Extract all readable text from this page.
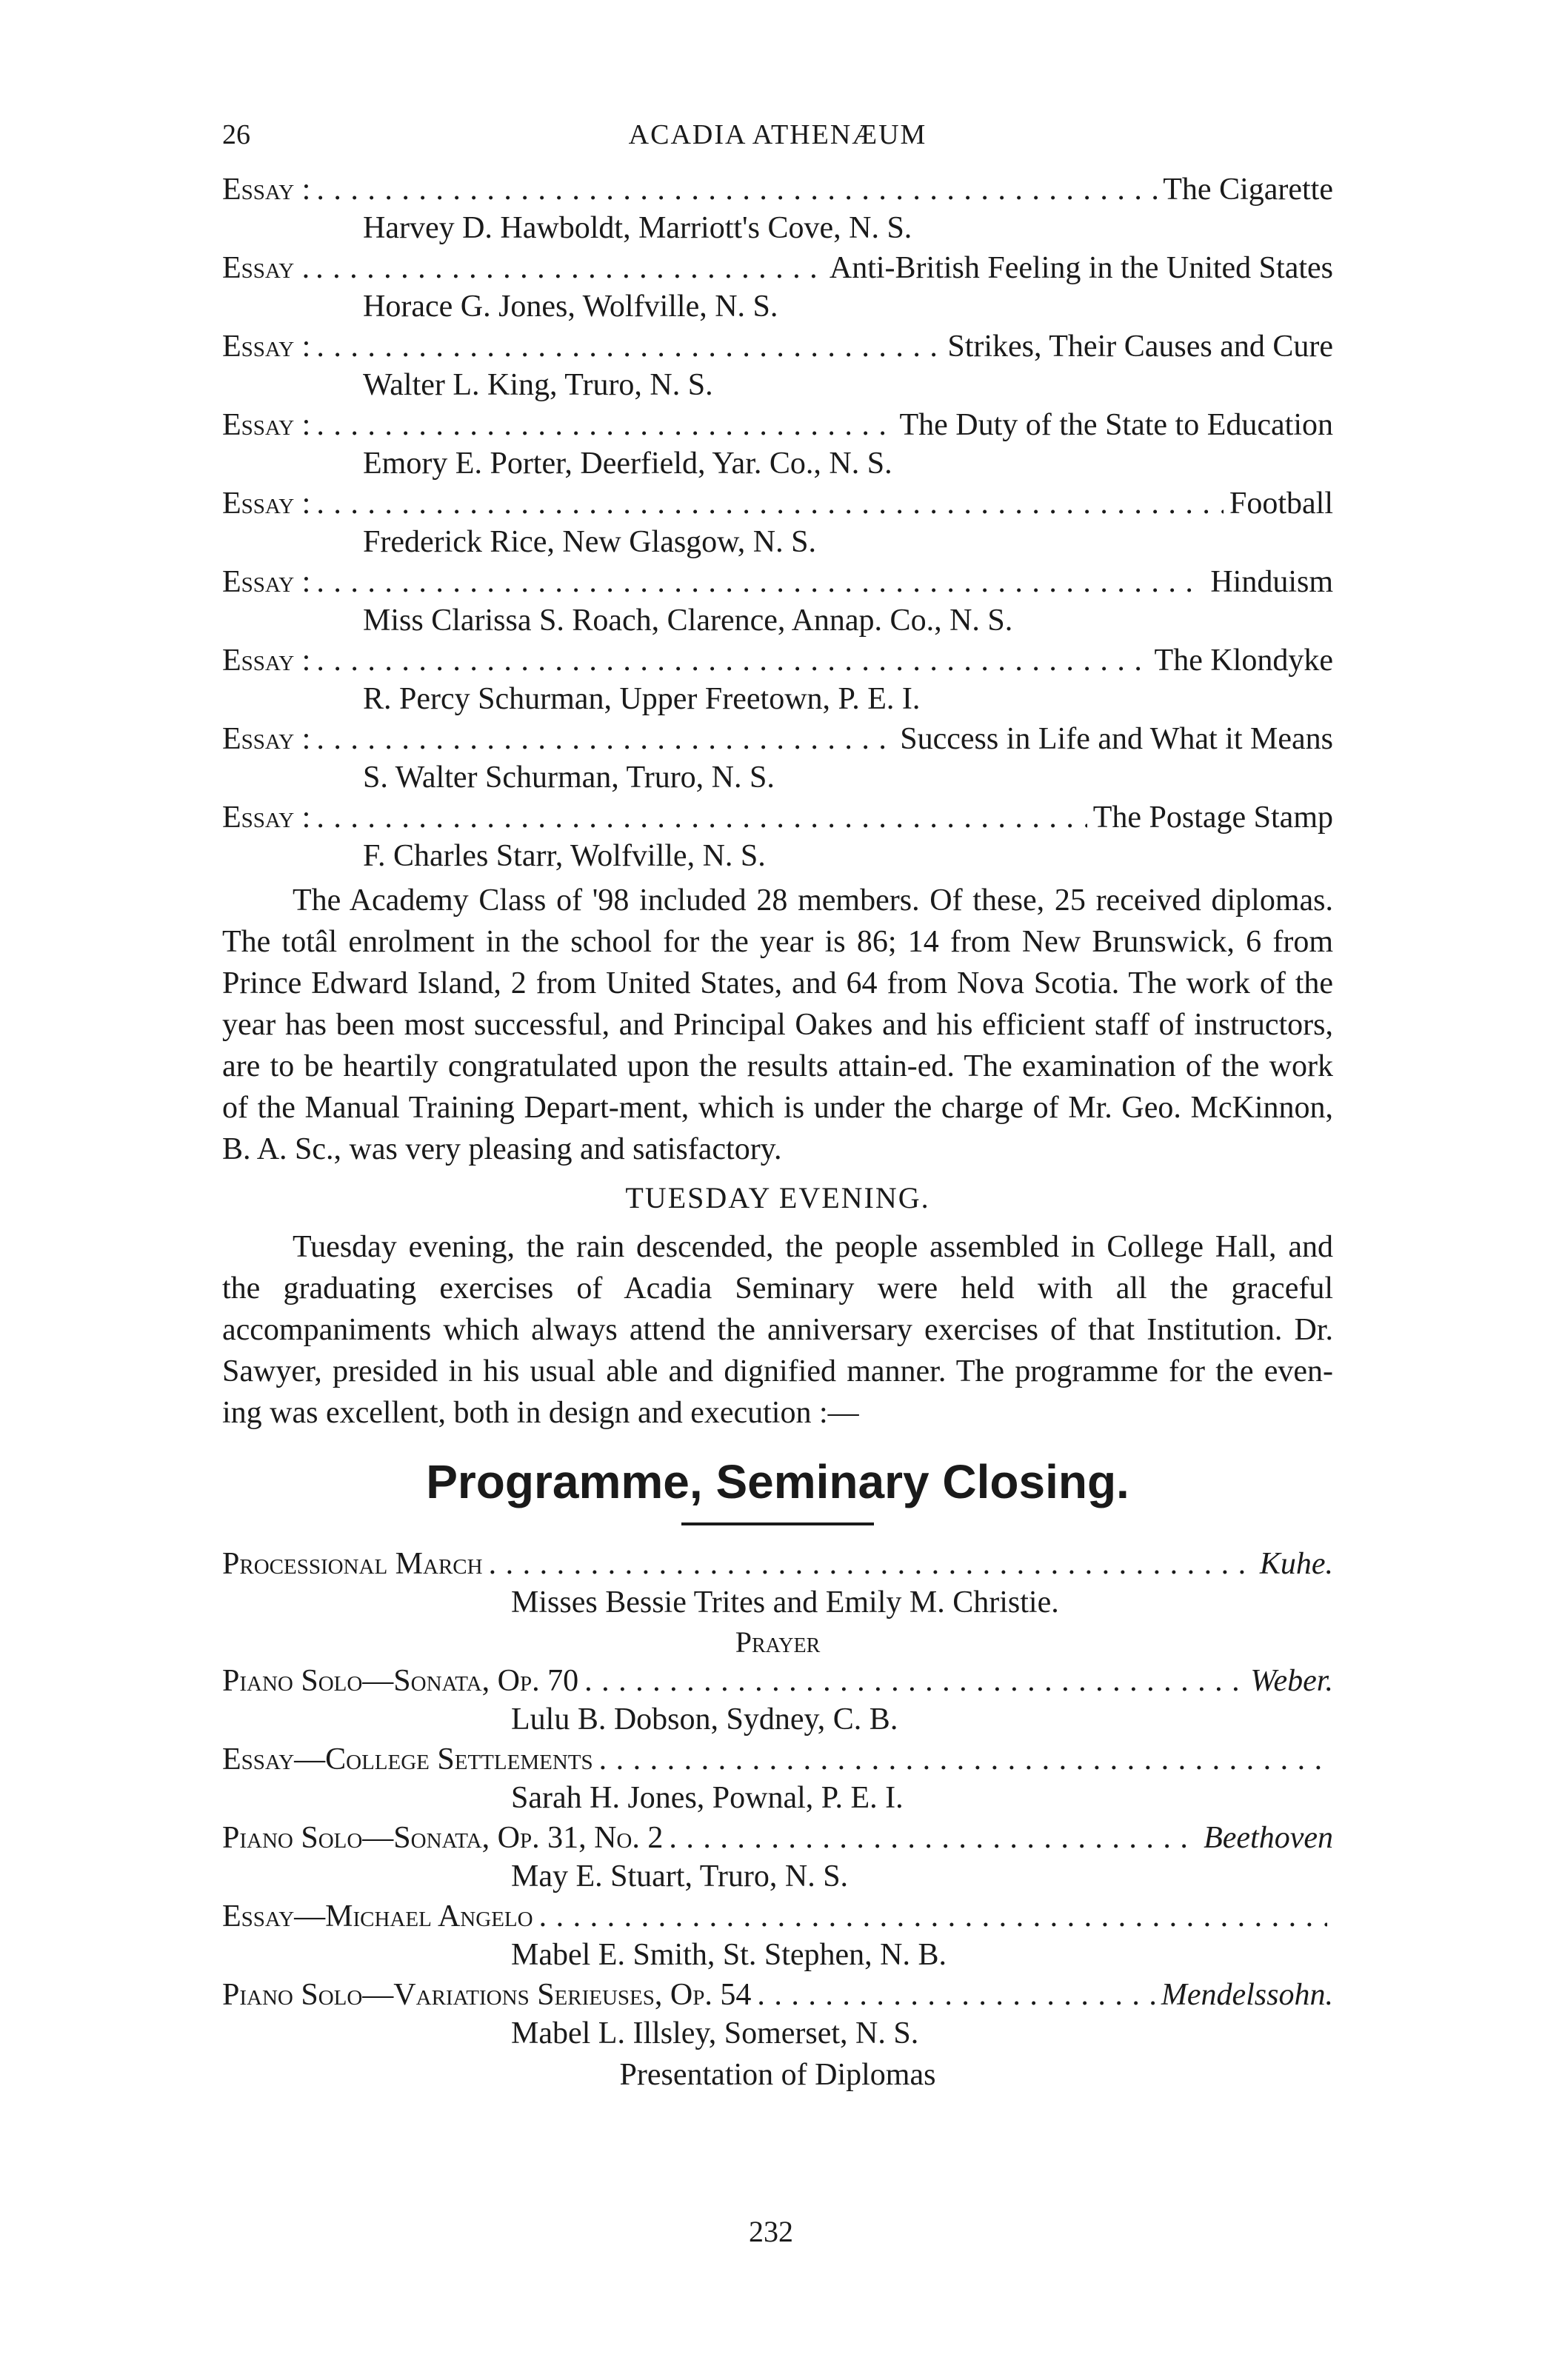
26	ACADIA ATHENÆUM
Essay : . . .	The Cigarette
Harvey D. Hawboldt, Marriott's Cove, N. S.
Essay . . . .	Anti-British Feeling in the United States
Horace G. Jones, Wolfville, N. S.
Essay : . . .	Strikes, Their Causes and Cure
Walter L. King, Truro, N. S.
Essay : . . .	The Duty of the State to Education
Emory E. Porter, Deerfield, Yar. Co., N. S.
Essay : . . .	Football
Frederick Rice, New Glasgow, N. S.
Essay : . . .	Hinduism
Miss Clarissa S. Roach, Clarence, Annap. Co., N. S.
Essay : . . .	The Klondyke
R. Percy Schurman, Upper Freetown, P. E. I.
Essay : . . .	Success in Life and What it Means
S. Walter Schurman, Truro, N. S.
Essay : . . .	The Postage Stamp
F. Charles Starr, Wolfville, N. S.

The Academy Class of '98 included 28 members. Of these, 25 received diplomas. The totâl enrolment in the school for the year is 86; 14 from New Brunswick, 6 from Prince Edward Island, 2 from United States, and 64 from Nova Scotia. The work of the year has been most successful, and Principal Oakes and his efficient staff of instructors, are to be heartily congratulated upon the results attain-ed. The examination of the work of the Manual Training Depart-ment, which is under the charge of Mr. Geo. McKinnon, B. A. Sc., was very pleasing and satisfactory.

TUESDAY EVENING.

Tuesday evening, the rain descended, the people assembled in College Hall, and the graduating exercises of Acadia Seminary were held with all the graceful accompaniments which always attend the anniversary exercises of that Institution. Dr. Sawyer, presided in his usual able and dignified manner. The programme for the even-ing was excellent, both in design and execution :—

Programme, Seminary Closing.
Processional March . . .	Kuhe.
Misses Bessie Trites and Emily M. Christie.
Prayer
Piano Solo—Sonata, Op. 70 . . .	Weber.
Lulu B. Dobson, Sydney, C. B.
Essay—College Settlements
. . .
Sarah H. Jones, Pownal, P. E. I.
Piano Solo—Sonata, Op. 31, No. 2 . . .	Beethoven
May E. Stuart, Truro, N. S.
Essay—Michael Angelo
. . .
Mabel E. Smith, St. Stephen, N. B.
Piano Solo—Variations Serieuses, Op. 54 . . .	Mendelssohn.
Mabel L. Illsley, Somerset, N. S.
Presentation of Diplomas
232
